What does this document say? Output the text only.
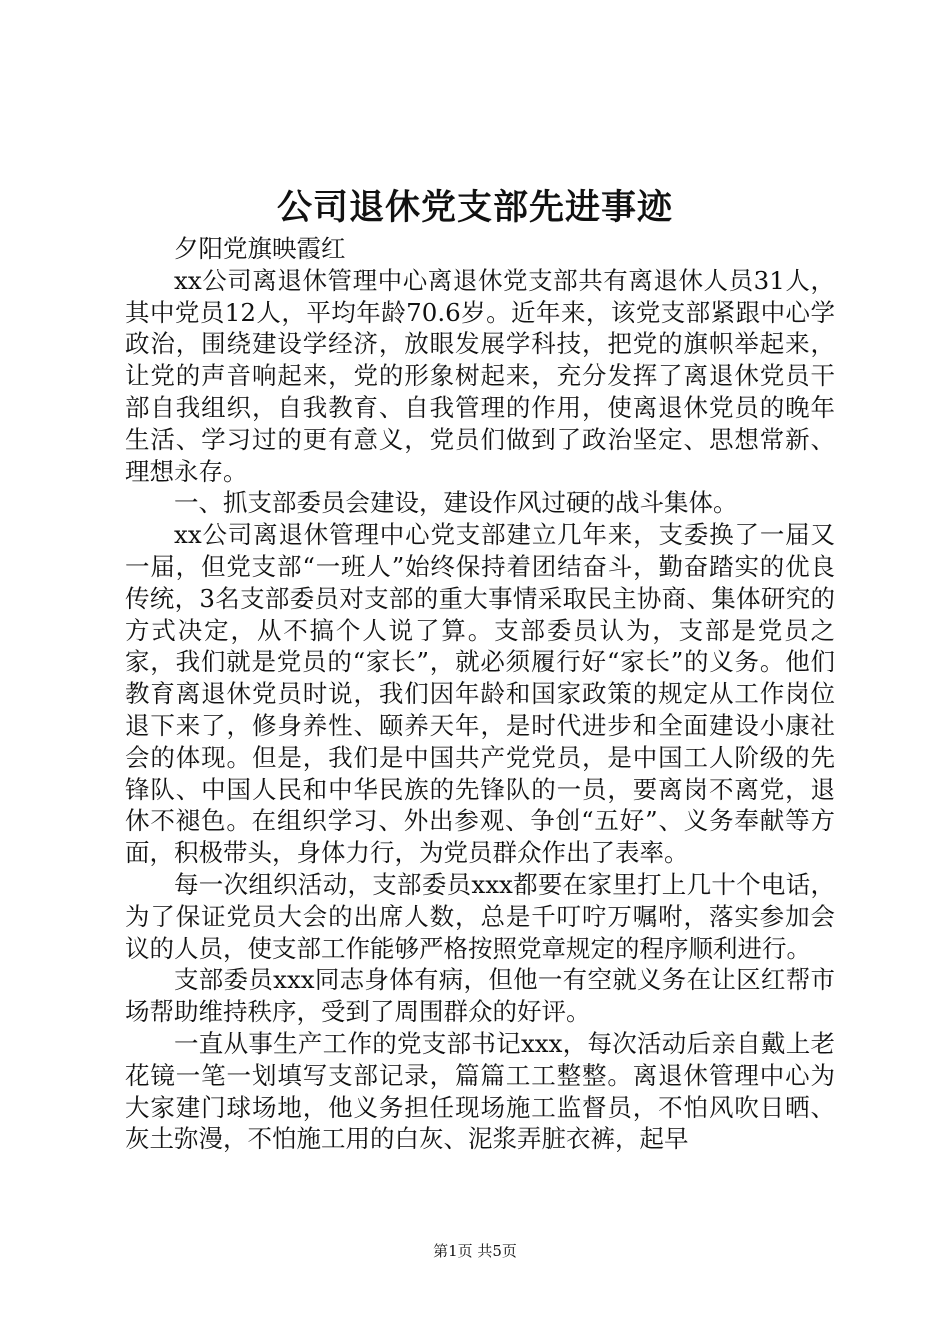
公司退休党支部先进事迹

夕阳党旗映霞红

xx公司离退休管理中心离退休党支部共有离退休人员31人，其中党员12人，平均年龄70.6岁。近年来，该党支部紧跟中心学政治，围绕建设学经济，放眼发展学科技，把党的旗帜举起来，让党的声音响起来，党的形象树起来，充分发挥了离退休党员干部自我组织，自我教育、自我管理的作用，使离退休党员的晚年生活、学习过的更有意义，党员们做到了政治坚定、思想常新、理想永存。

一、抓支部委员会建设，建设作风过硬的战斗集体。

xx公司离退休管理中心党支部建立几年来，支委换了一届又一届，但党支部“一班人”始终保持着团结奋斗，勤奋踏实的优良传统，3名支部委员对支部的重大事情采取民主协商、集体研究的方式决定，从不搞个人说了算。支部委员认为，支部是党员之家，我们就是党员的“家长”，就必须履行好“家长”的义务。他们教育离退休党员时说，我们因年龄和国家政策的规定从工作岗位退下来了，修身养性、颐养天年，是时代进步和全面建设小康社会的体现。但是，我们是中国共产党党员，是中国工人阶级的先锋队、中国人民和中华民族的先锋队的一员，要离岗不离党，退休不褪色。在组织学习、外出参观、争创“五好”、义务奉献等方面，积极带头，身体力行，为党员群众作出了表率。

每一次组织活动，支部委员xxx都要在家里打上几十个电话，为了保证党员大会的出席人数，总是千叮咛万嘱咐，落实参加会议的人员，使支部工作能够严格按照党章规定的程序顺利进行。

支部委员xxx同志身体有病，但他一有空就义务在让区红帮市场帮助维持秩序，受到了周围群众的好评。

一直从事生产工作的党支部书记xxx，每次活动后亲自戴上老花镜一笔一划填写支部记录，篇篇工工整整。离退休管理中心为大家建门球场地，他义务担任现场施工监督员，不怕风吹日晒、灰土弥漫，不怕施工用的白灰、泥浆弄脏衣裤，起早

第1页 共5页
